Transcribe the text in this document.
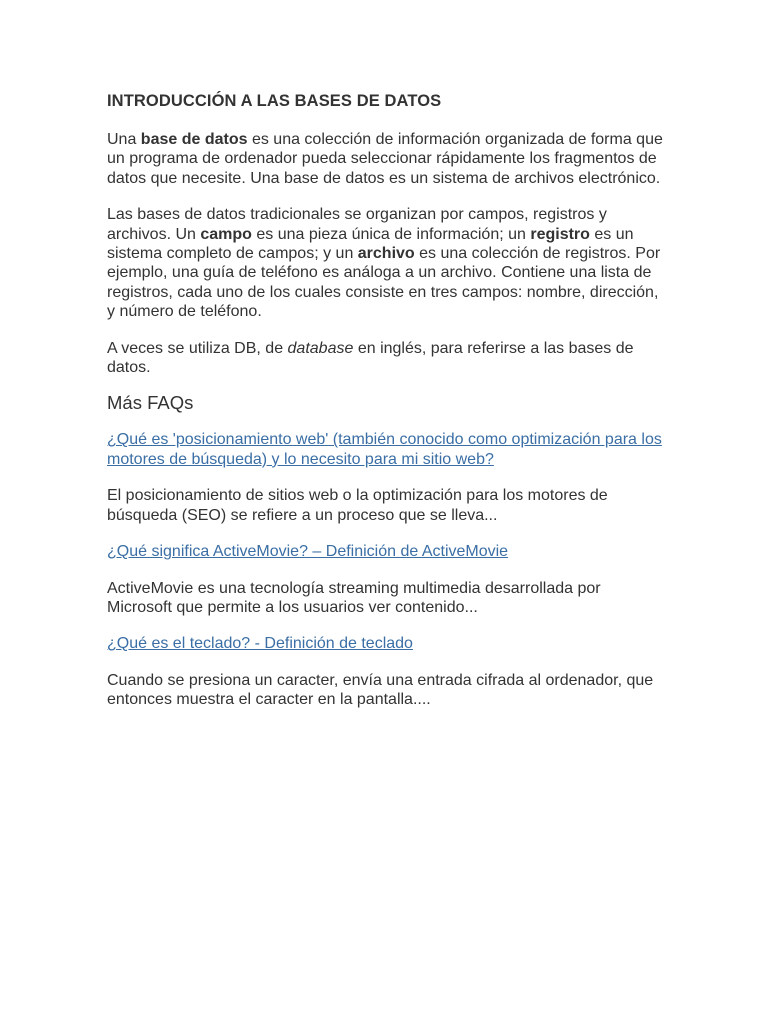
INTRODUCCIÓN A LAS BASES DE DATOS

Una base de datos es una colección de información organizada de forma que un programa de ordenador pueda seleccionar rápidamente los fragmentos de datos que necesite. Una base de datos es un sistema de archivos electrónico.

Las bases de datos tradicionales se organizan por campos, registros y archivos. Un campo es una pieza única de información; un registro es un sistema completo de campos; y un archivo es una colección de registros. Por ejemplo, una guía de teléfono es análoga a un archivo. Contiene una lista de registros, cada uno de los cuales consiste en tres campos: nombre, dirección, y número de teléfono.

A veces se utiliza DB, de database en inglés, para referirse a las bases de datos.

Más FAQs
¿Qué es 'posicionamiento web' (también conocido como optimización para los motores de búsqueda) y lo necesito para mi sitio web?

El posicionamiento de sitios web o la optimización para los motores de búsqueda (SEO) se refiere a un proceso que se lleva...

¿Qué significa ActiveMovie? – Definición de ActiveMovie

ActiveMovie es una tecnología streaming multimedia desarrollada por Microsoft que permite a los usuarios ver contenido...

¿Qué es el teclado? - Definición de teclado

Cuando se presiona un caracter, envía una entrada cifrada al ordenador, que entonces muestra el caracter en la pantalla....
